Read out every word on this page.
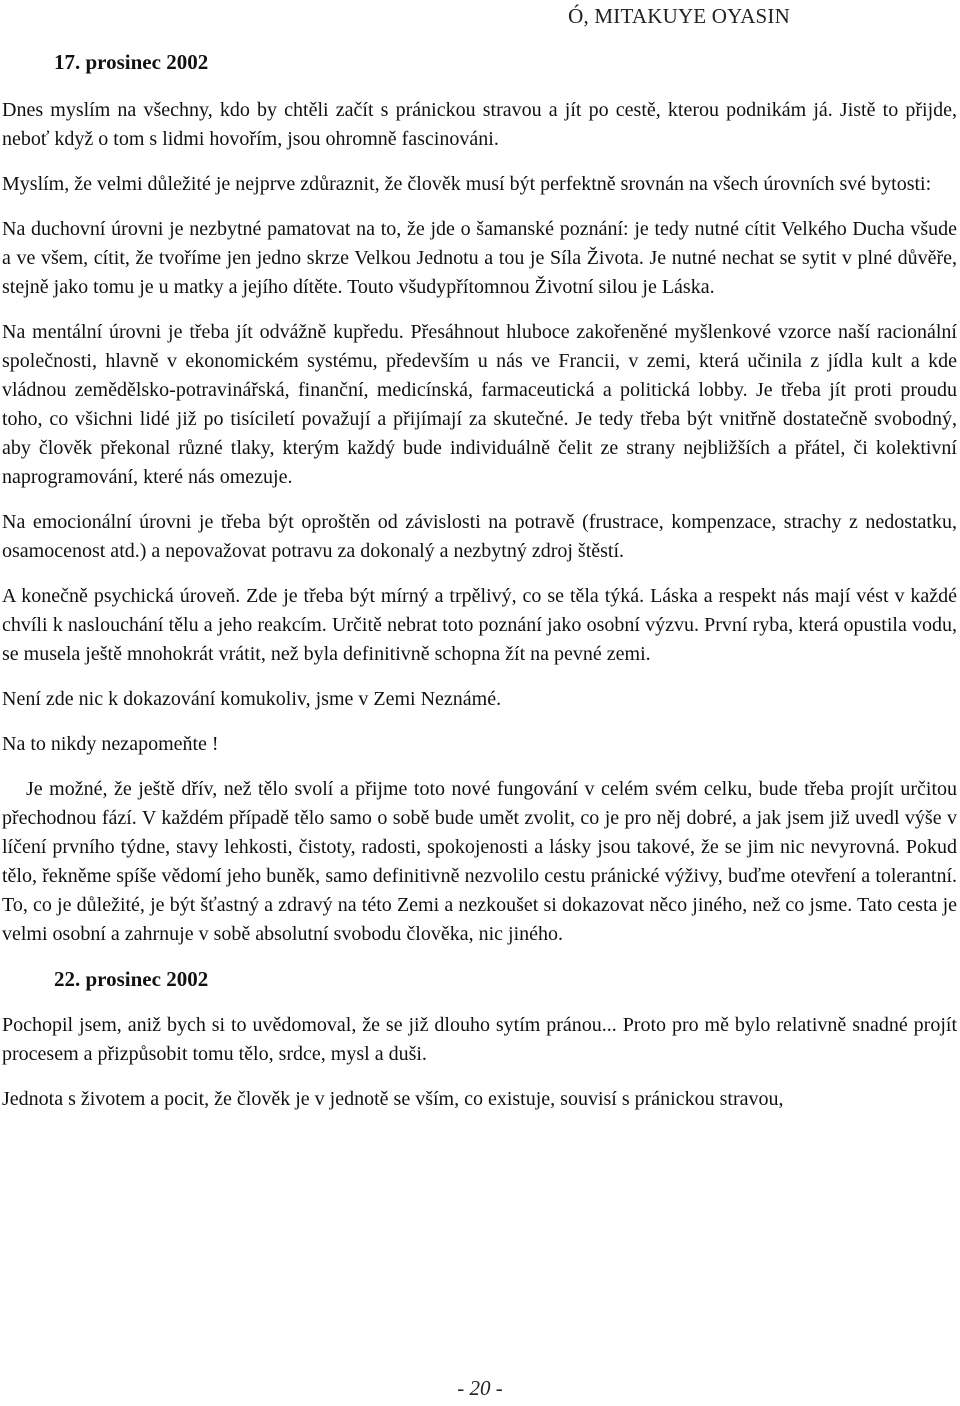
Ó, MITAKUYE OYASIN
17. prosinec 2002

Dnes myslím na všechny, kdo by chtěli začít s pránickou stravou a jít po cestě, kterou podnikám já. Jistě to přijde, neboť když o tom s lidmi hovořím, jsou ohromně fascinováni.

Myslím, že velmi důležité je nejprve zdůraznit, že člověk musí být perfektně srovnán na všech úrovních své bytosti:

Na duchovní úrovni je nezbytné pamatovat na to, že jde o šamanské poznání: je tedy nutné cítit Velkého Ducha všude a ve všem, cítit, že tvoříme jen jedno skrze Velkou Jednotu a tou je Síla Života. Je nutné nechat se sytit v plné důvěře, stejně jako tomu je u matky a jejího dítěte. Touto všudypřítomnou Životní silou je Láska.

Na mentální úrovni je třeba jít odvážně kupředu. Přesáhnout hluboce zakořeněné myšlenkové vzorce naší racionální společnosti, hlavně v ekonomickém systému, především u nás ve Francii, v zemi, která učinila z jídla kult a kde vládnou zemědělsko-potravinářská, finanční, medicínská, farmaceutická a politická lobby. Je třeba jít proti proudu toho, co všichni lidé již po tisíciletí považují a přijímají za skutečné. Je tedy třeba být vnitřně dostatečně svobodný, aby člověk překonal různé tlaky, kterým každý bude individuálně čelit ze strany nejbližších a přátel, či kolektivní naprogramování, které nás omezuje.

Na emocionální úrovni je třeba být oproštěn od závislosti na potravě (frustrace, kompenzace, strachy z nedostatku, osamocenost atd.) a nepovažovat potravu za dokonalý a nezbytný zdroj štěstí.

A konečně psychická úroveň. Zde je třeba být mírný a trpělivý, co se těla týká. Láska a respekt nás mají vést v každé chvíli k naslouchání tělu a jeho reakcím. Určitě nebrat toto poznání jako osobní výzvu. První ryba, která opustila vodu, se musela ještě mnohokrát vrátit, než byla definitivně schopna žít na pevné zemi.

Není zde nic k dokazování komukoliv, jsme v Zemi Neznámé.

Na to nikdy nezapomeňte !

Je možné, že ještě dřív, než tělo svolí a přijme toto nové fungování v celém svém celku, bude třeba projít určitou přechodnou fází. V každém případě tělo samo o sobě bude umět zvolit, co je pro něj dobré, a jak jsem již uvedl výše v líčení prvního týdne, stavy lehkosti, čistoty, radosti, spokojenosti a lásky jsou takové, že se jim nic nevyrovná. Pokud tělo, řekněme spíše vědomí jeho buněk, samo definitivně nezvolilo cestu pránické výživy, buďme otevření a tolerantní. To, co je důležité, je být šťastný a zdravý na této Zemi a nezkoušet si dokazovat něco jiného, než co jsme. Tato cesta je velmi osobní a zahrnuje v sobě absolutní svobodu člověka, nic jiného.

22. prosinec 2002

Pochopil jsem, aniž bych si to uvědomoval, že se již dlouho sytím pránou... Proto pro mě bylo relativně snadné projít procesem a přizpůsobit tomu tělo, srdce, mysl a duši.

Jednota s životem a pocit, že člověk je v jednotě se vším, co existuje, souvisí s pránickou stravou,

- 20 -
